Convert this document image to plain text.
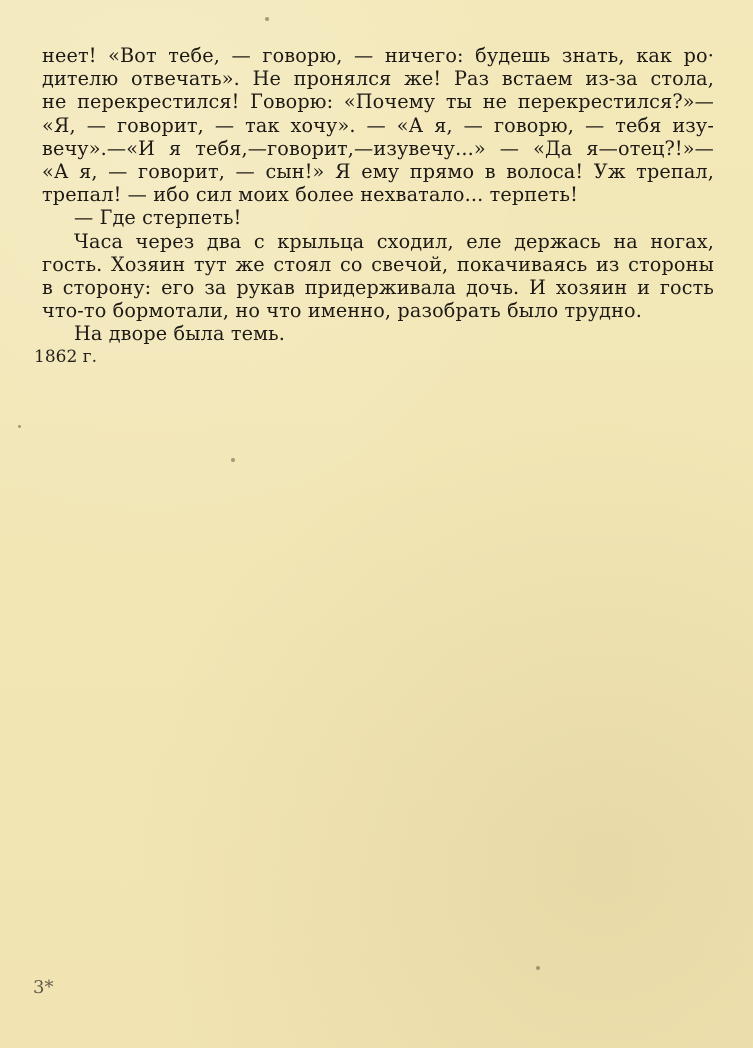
неет! «Вот тебе, — говорю, — ничего: будешь знать, как ро·
дителю отвечать». Не пронялся же! Раз встаем из-за стола,
не перекрестился! Говорю: «Почему ты не перекрестился?»—
«Я, — говорит, — так хочу». — «А я, — говорю, — тебя изу-
вечу».—«И я тебя,—говорит,—изувечу...» — «Да я—отец?!»—
«А я, — говорит, — сын!» Я ему прямо в волоса! Уж трепал,
трепал! — ибо сил моих более нехватало... терпеть!
— Где стерпеть!
Часа через два с крыльца сходил, еле держась на ногах,
гость. Хозяин тут же стоял со свечой, покачиваясь из стороны
в сторону: его за рукав придерживала дочь. И хозяин и гость
что-то бормотали, но что именно, разобрать было трудно.
На дворе была темь.
1862 г.
3*
